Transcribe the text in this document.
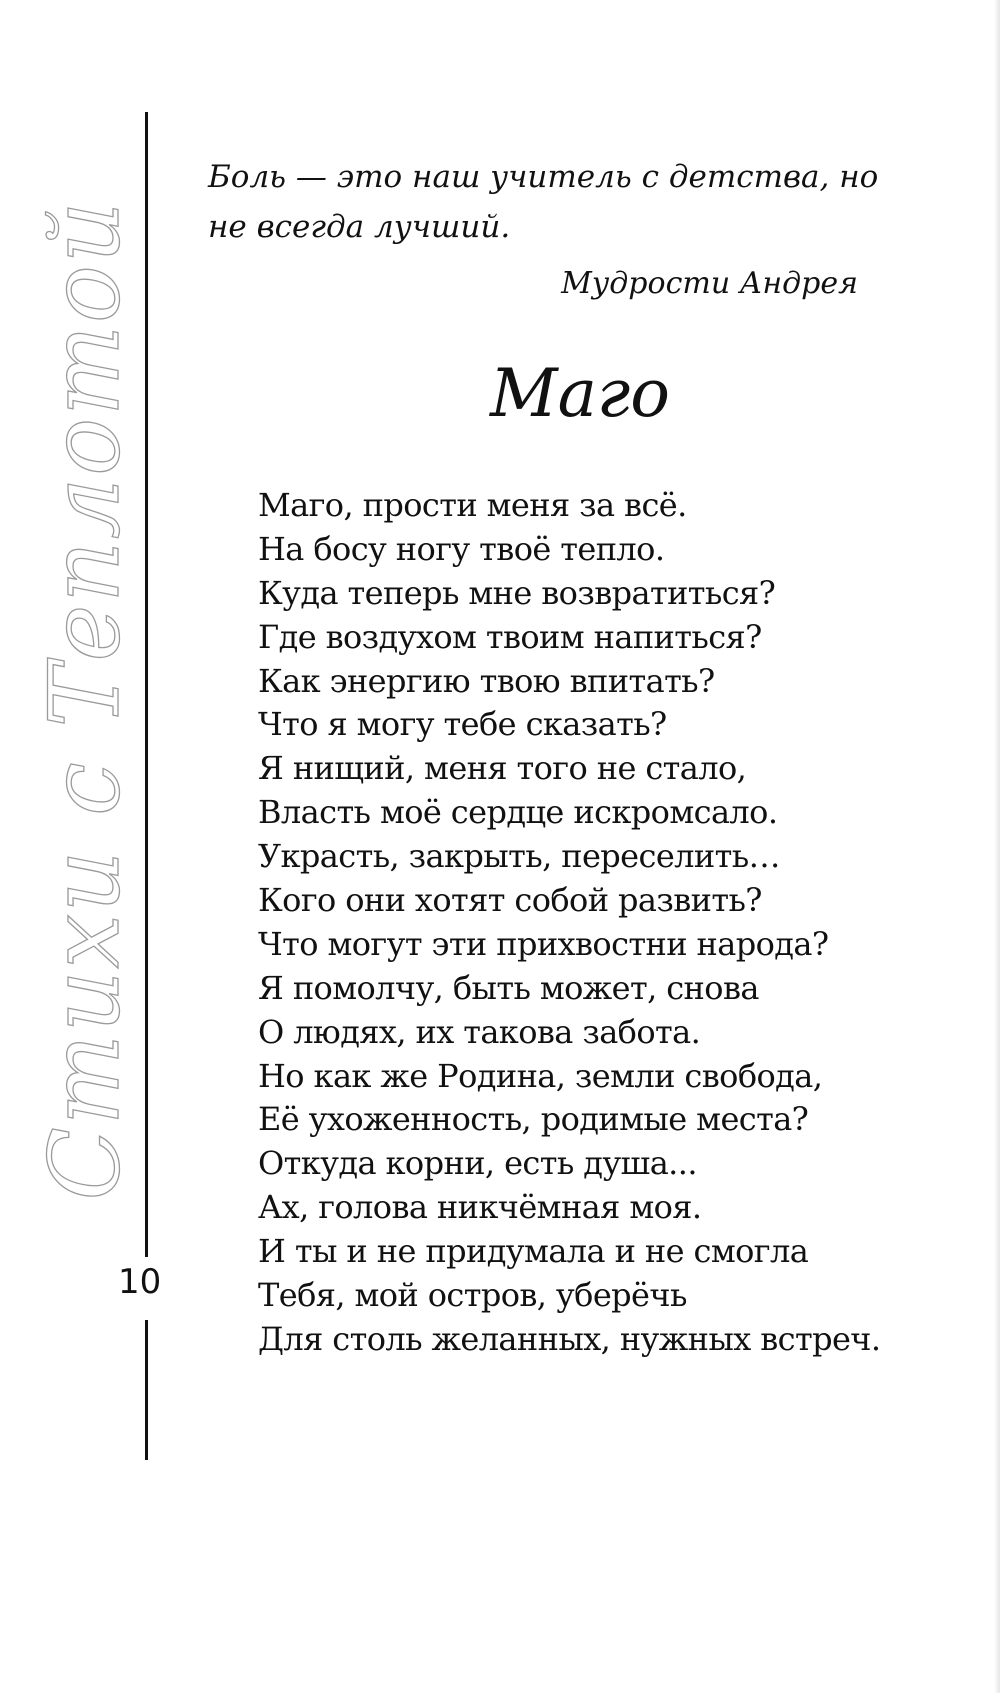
10
Стихи с Теплотой
Боль — это наш учитель с детства, но не всегда лучший.
Мудрости Андрея
Маго
Маго, прости меня за всё.
На босу ногу твоё тепло.
Куда теперь мне возвратиться?
Где воздухом твоим напиться?
Как энергию твою впитать?
Что я могу тебе сказать?
Я нищий, меня того не стало,
Власть моё сердце искромсало.
Украсть, закрыть, переселить…
Кого они хотят собой развить?
Что могут эти прихвостни народа?
Я помолчу, быть может, снова
О людях, их такова забота.
Но как же Родина, земли свобода,
Её ухоженность, родимые места?
Откуда корни, есть душа...
Ах, голова никчёмная моя.
И ты и не придумала и не смогла
Тебя, мой остров, уберёчь
Для столь желанных, нужных встреч.
